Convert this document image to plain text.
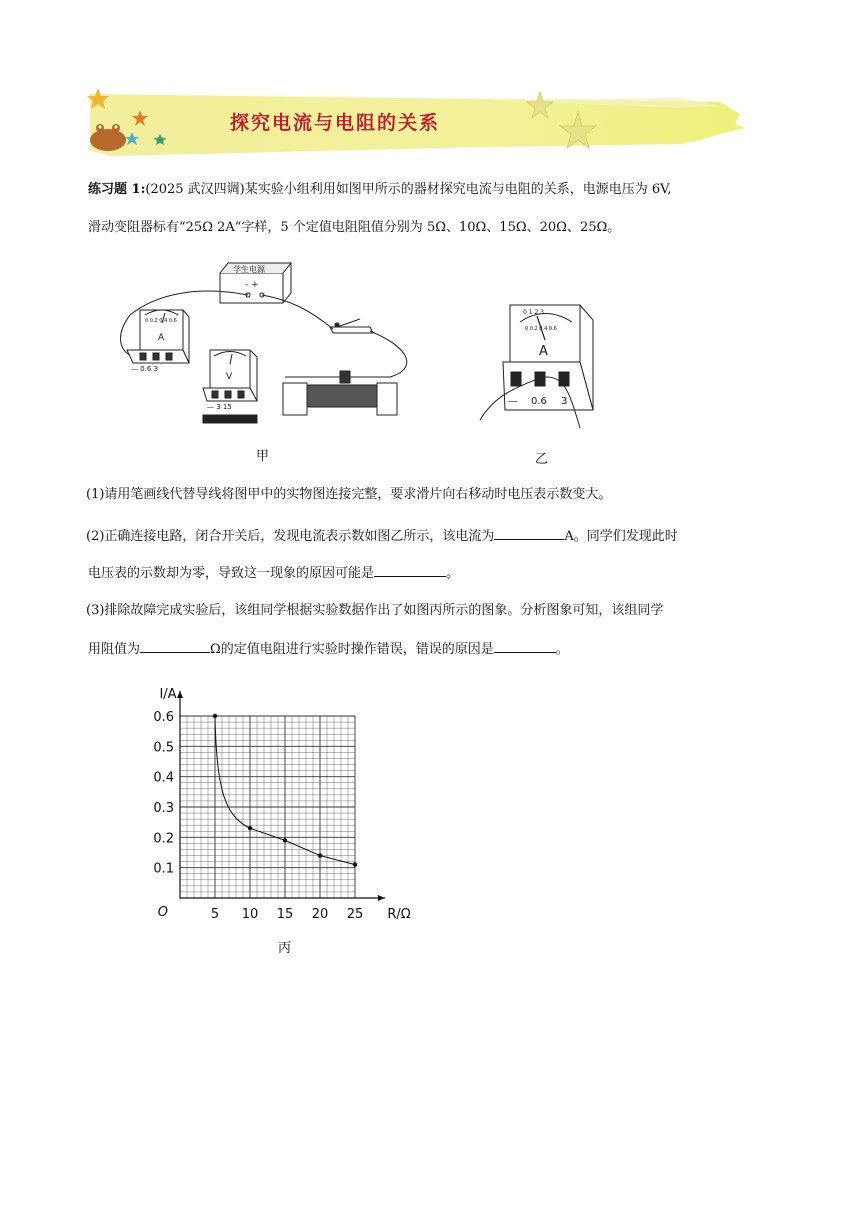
探究电流与电阻的关系
练习题 1:(2025 武汉四调)某实验小组利用如图甲所示的器材探究电流与电阻的关系，电源电压为 6V,
滑动变阻器标有“25Ω 2A“字样，5 个定值电阻阻值分别为 5Ω、10Ω、15Ω、20Ω、25Ω。
学生电源
- +
0 0.2 0.4 0.6
A
— 0.6 3
V
— 3 15
甲
0 1 2 3
0 0.2 0.4 0.6
A
— 0.6 3
乙
(1)请用笔画线代替导线将图甲中的实物图连接完整，要求滑片向右移动时电压表示数变大。
(2)正确连接电路，闭合开关后，发现电流表示数如图乙所示，该电流为	A。同学们发现此时
电压表的示数却为零，导致这一现象的原因可能是	。
(3)排除故障完成实验后，该组同学根据实验数据作出了如图丙所示的图象。分析图象可知，该组同学
用阻值为	Ω的定值电阻进行实验时操作错误，错误的原因是	。
5 10 15 20 25
0.1
0.2
0.3
0.4
0.5
0.6
O	R/Ω
I/A
丙
